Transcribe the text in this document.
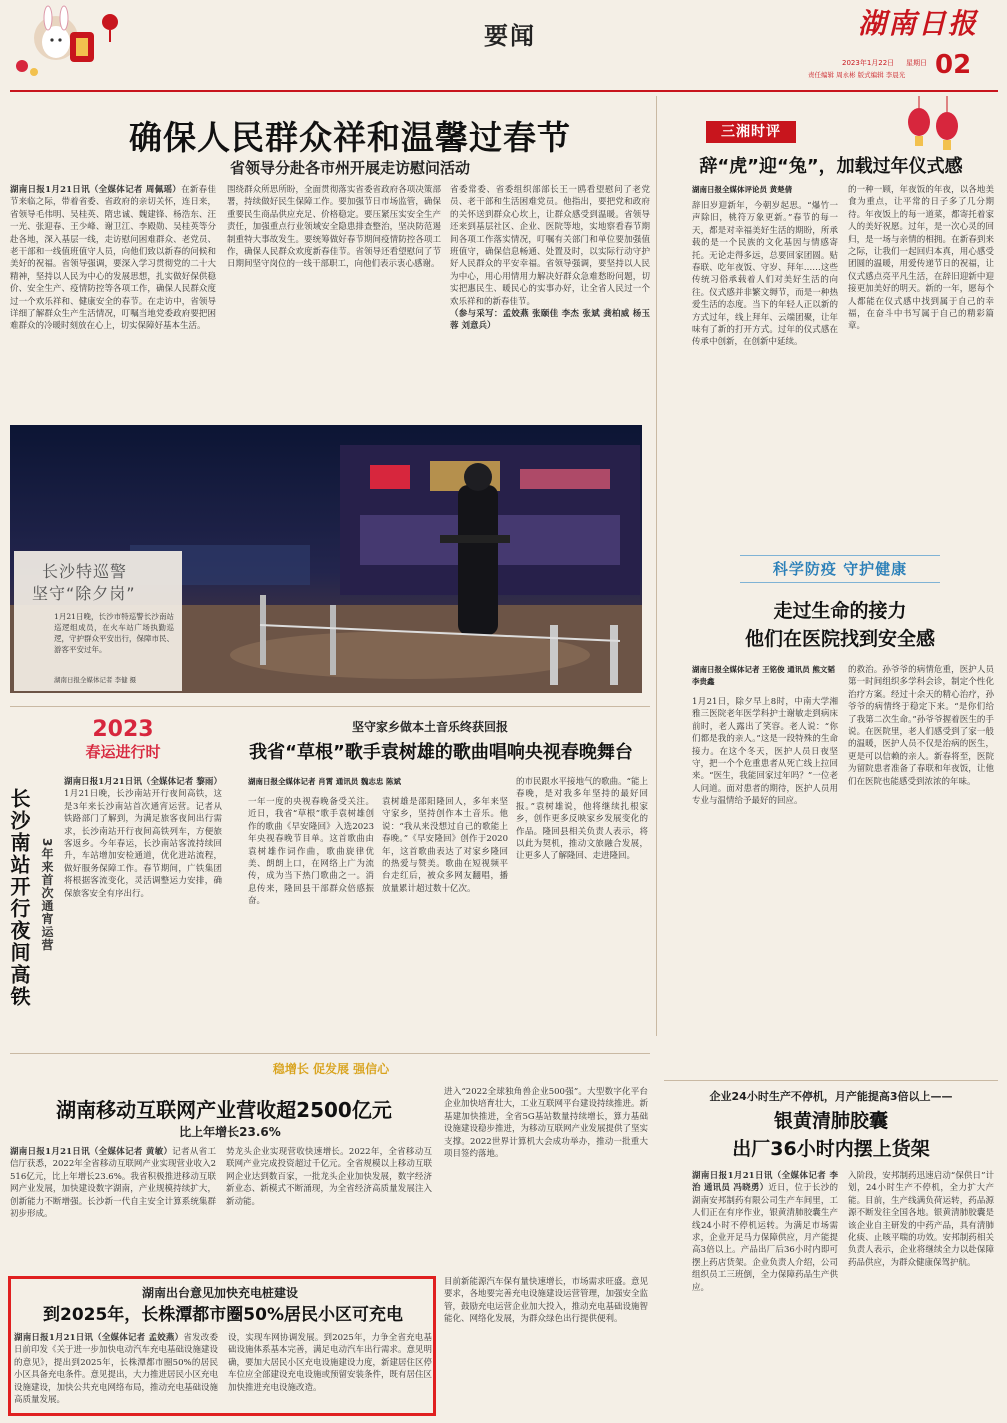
要闻	湖南日报
2023年1月22日 星期日
责任编辑 周永彬 版式编辑 李晨光 02
确保人民群众祥和温馨过春节
省领导分赴各市州开展走访慰问活动
湖南日报1月21日讯（全媒体记者 周佩瑶）在新春佳节来临之际，带着省委、省政府的亲切关怀，连日来，省领导毛伟明、吴桂英、隋忠诚、魏建锋、杨浩东、汪一光、张迎春、王少峰、谢卫江、李殿勋、吴桂英等分赴各地，深入基层一线，走访慰问困难群众、老党员、老干部和一线值班值守人员，向他们致以新春的问候和美好的祝福。省领导强调，要深入学习贯彻党的二十大精神，坚持以人民为中心的发展思想，扎实做好保供稳价、安全生产、疫情防控等各项工作，确保人民群众度过一个欢乐祥和、健康安全的春节。在走访中，省领导详细了解群众生产生活情况，叮嘱当地党委政府要把困难群众的冷暖时刻放在心上，切实保障好基本生活。
围绕群众所思所盼，全面贯彻落实省委省政府各项决策部署，持续做好民生保障工作。要加强节日市场监管，确保重要民生商品供应充足、价格稳定。要压紧压实安全生产责任，加强重点行业领域安全隐患排查整治，坚决防范遏制重特大事故发生。要统筹做好春节期间疫情防控各项工作，确保人民群众欢度新春佳节。省领导还看望慰问了节日期间坚守岗位的一线干部职工，向他们表示衷心感谢。
省委常委、省委组织部部长王一鸥看望慰问了老党员、老干部和生活困难党员。他指出，要把党和政府的关怀送到群众心坎上，让群众感受到温暖。省领导还来到基层社区、企业、医院等地，实地察看春节期间各项工作落实情况，叮嘱有关部门和单位要加强值班值守，确保信息畅通、处置及时，以实际行动守护好人民群众的平安幸福。省领导强调，要坚持以人民为中心，用心用情用力解决好群众急难愁盼问题，切实把惠民生、暖民心的实事办好，让全省人民过一个欢乐祥和的新春佳节。
（参与采写：孟姣燕 张颐佳 李杰 张斌 龚柏威 杨玉蓉 刘意兵）
长沙特巡警
坚守“除夕岗”
1月21日晚，长沙市特巡警长沙南站巡逻组成员，在火车站广场执勤巡逻，守护群众平安出行，保障市民、游客平安过年。
湖南日报全媒体记者 李健 摄
三湘时评
辞“虎”迎“兔”，加载过年仪式感
湖南日报全媒体评论员 黄楚倩
辞旧岁迎新年，今朝岁起思。“爆竹一声除旧，桃符万象更新。”春节的每一天，都是对幸福美好生活的期盼，所承载的是一个民族的文化基因与情感寄托。无论走得多远，总要回家团圆。贴春联、吃年夜饭、守岁、拜年……这些传统习俗承载着人们对美好生活的向往。仪式感并非繁文缛节，而是一种热爱生活的态度。当下的年轻人正以新的方式过年，线上拜年、云端团聚，让年味有了新的打开方式。过年的仪式感在传承中创新，在创新中延续。
的一种一顾，年夜饭的年夜，以各地美食为重点，让平常的日子多了几分期待。年夜饭上的每一道菜，都寄托着家人的美好祝愿。过年，是一次心灵的回归，是一场与亲情的相拥。在新春到来之际，让我们一起回归本真，用心感受团圆的温暖，用爱传递节日的祝福，让仪式感点亮平凡生活，在辞旧迎新中迎接更加美好的明天。新的一年，愿每个人都能在仪式感中找到属于自己的幸福，在奋斗中书写属于自己的精彩篇章。
科学防疫 守护健康
走过生命的接力
他们在医院找到安全感
湖南日报全媒体记者 王铭俊 通讯员 熊文韬 李贵鑫
1月21日，除夕早上8时，中南大学湘雅三医院老年医学科护士谢敏走到病床前时，老人露出了笑容。老人说：“你们都是我的亲人。”这是一段特殊的生命接力。在这个冬天，医护人员日夜坚守，把一个个危重患者从死亡线上拉回来。“医生，我能回家过年吗？”一位老人问道。面对患者的期待，医护人员用专业与温情给予最好的回应。
的救治。孙爷爷的病情危重，医护人员第一时间组织多学科会诊，制定个性化治疗方案。经过十余天的精心治疗，孙爷爷的病情终于稳定下来。“是你们给了我第二次生命。”孙爷爷握着医生的手说。在医院里，老人们感受到了家一般的温暖，医护人员不仅是治病的医生，更是可以信赖的亲人。新春将至，医院为留院患者准备了春联和年夜饭，让他们在医院也能感受到浓浓的年味。
2023
春运进行时
长沙南站开行夜间高铁 3年来首次通宵运营
湖南日报1月21日讯（全媒体记者 黎雨）1月21日晚，长沙南站开行夜间高铁，这是3年来长沙南站首次通宵运营。记者从铁路部门了解到，为满足旅客夜间出行需求，长沙南站开行夜间高铁列车，方便旅客返乡。今年春运，长沙南站客流持续回升，车站增加安检通道，优化进站流程，做好服务保障工作。春节期间，广铁集团将根据客流变化，灵活调整运力安排，确保旅客安全有序出行。
坚守家乡做本土音乐终获回报
我省“草根”歌手袁树雄的歌曲唱响央视春晚舞台
湖南日报全媒体记者 肖霄 通讯员 魏志忠 陈斌
一年一度的央视春晚备受关注。近日，我省“草根”歌手袁树雄创作的歌曲《早安隆回》入选2023年央视春晚节目单。这首歌曲由袁树雄作词作曲，歌曲旋律优美、朗朗上口，在网络上广为流传，成为当下热门歌曲之一。消息传来，隆回县干部群众倍感振奋。
袁树雄是邵阳隆回人，多年来坚守家乡，坚持创作本土音乐。他说：“我从来没想过自己的歌能上春晚。”《早安隆回》创作于2020年，这首歌曲表达了对家乡隆回的热爱与赞美。歌曲在短视频平台走红后，被众多网友翻唱，播放量累计超过数十亿次。
的市民跟水平接地气的歌曲。“能上春晚，是对我多年坚持的最好回报。”袁树雄说，他将继续扎根家乡，创作更多反映家乡发展变化的作品。隆回县相关负责人表示，将以此为契机，推动文旅融合发展，让更多人了解隆回、走进隆回。
稳增长 促发展 强信心
湖南移动互联网产业营收超2500亿元
比上年增长23.6%
湖南日报1月21日讯（全媒体记者 黄敏）记者从省工信厅获悉，2022年全省移动互联网产业实现营业收入2516亿元，比上年增长23.6%。我省积极推进移动互联网产业发展，加快建设数字湖南，产业规模持续扩大，创新能力不断增强。长沙新一代自主安全计算系统集群初步形成。
势龙头企业实现营收快速增长。2022年，全省移动互联网产业完成投资超过千亿元。全省规模以上移动互联网企业达到数百家，一批龙头企业加快发展，数字经济新业态、新模式不断涌现，为全省经济高质量发展注入新动能。
进入“2022全球独角兽企业500强”。大型数字化平台企业加快培育壮大，工业互联网平台建设持续推进。新基建加快推进，全省5G基站数量持续增长，算力基础设施建设稳步推进，为移动互联网产业发展提供了坚实支撑。2022世界计算机大会成功举办，推动一批重大项目签约落地。
湖南出台意见加快充电桩建设
到2025年，长株潭都市圈50%居民小区可充电
湖南日报1月21日讯（全媒体记者 孟姣燕）省发改委日前印发《关于进一步加快电动汽车充电基础设施建设的意见》，提出到2025年，长株潭都市圈50%的居民小区具备充电条件。意见提出，大力推进居民小区充电设施建设，加快公共充电网络布局，推动充电基础设施高质量发展。
设，实现车网协调发展。到2025年，力争全省充电基础设施体系基本完善，满足电动汽车出行需求。意见明确，要加大居民小区充电设施建设力度，新建居住区停车位应全部建设充电设施或预留安装条件，既有居住区加快推进充电设施改造。
目前新能源汽车保有量快速增长，市场需求旺盛。意见要求，各地要完善充电设施建设运营管理，加强安全监管，鼓励充电运营企业加大投入，推动充电基础设施智能化、网络化发展，为群众绿色出行提供便利。
企业24小时生产不停机，月产能提高3倍以上——
银黄清肺胶囊
出厂36小时内摆上货架
湖南日报1月21日讯（全媒体记者 李治 通讯员 冯晓勇）近日，位于长沙的湖南安邦制药有限公司生产车间里，工人们正在有序作业，银黄清肺胶囊生产线24小时不停机运转。为满足市场需求，企业开足马力保障供应，月产能提高3倍以上。产品出厂后36小时内即可摆上药店货架。企业负责人介绍，公司组织员工三班倒，全力保障药品生产供应。
入阶段，安邦制药迅速启动“保供日”计划，24小时生产不停机，全力扩大产能。目前，生产线满负荷运转，药品源源不断发往全国各地。银黄清肺胶囊是该企业自主研发的中药产品，具有清肺化痰、止咳平喘的功效。安邦制药相关负责人表示，企业将继续全力以赴保障药品供应，为群众健康保驾护航。
